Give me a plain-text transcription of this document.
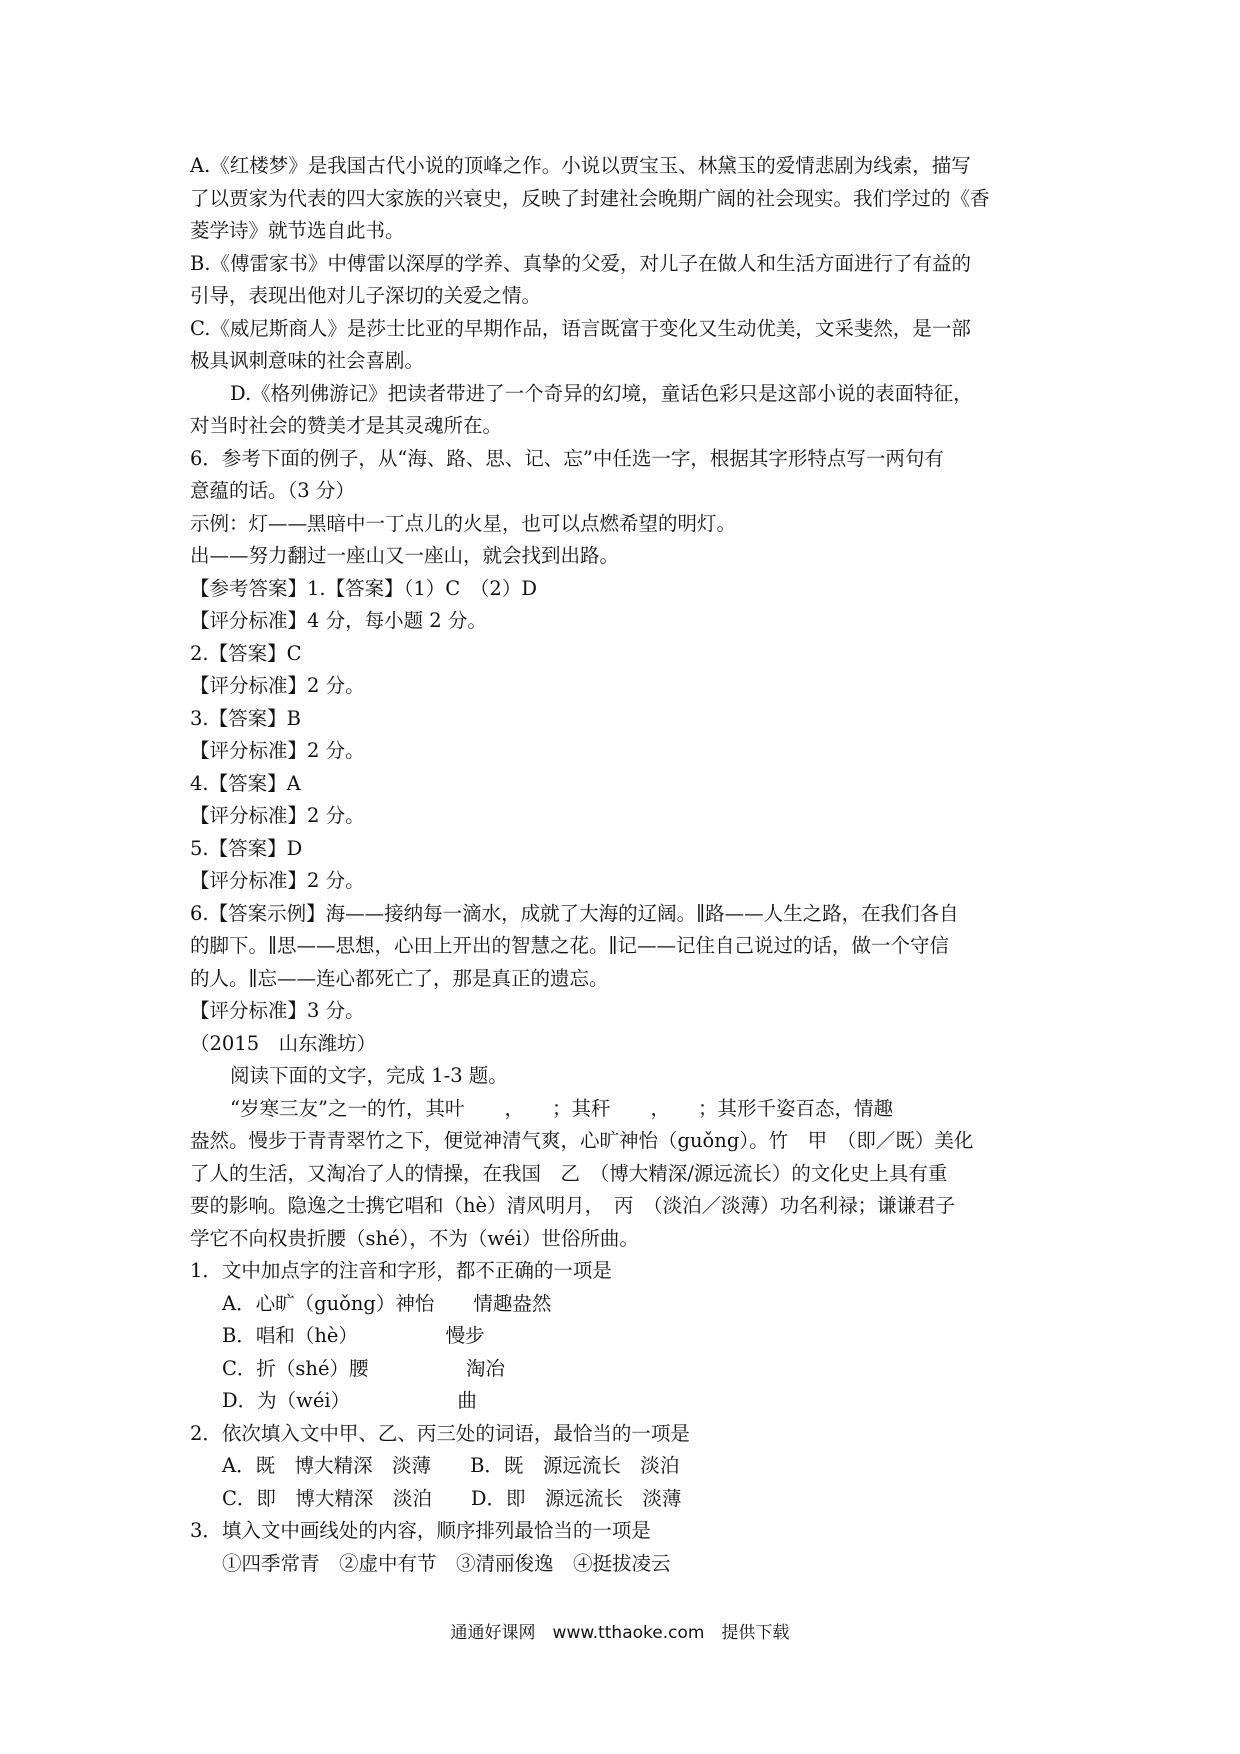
A.《红楼梦》是我国古代小说的顶峰之作。小说以贾宝玉、林黛玉的爱情悲剧为线索，描写
了以贾家为代表的四大家族的兴衰史，反映了封建社会晚期广阔的社会现实。我们学过的《香
菱学诗》就节选自此书。
B.《傅雷家书》中傅雷以深厚的学养、真挚的父爱，对儿子在做人和生活方面进行了有益的
引导，表现出他对儿子深切的关爱之情。
C.《威尼斯商人》是莎士比亚的早期作品，语言既富于变化又生动优美，文采斐然，是一部
极具讽刺意味的社会喜剧。
D.《格列佛游记》把读者带进了一个奇异的幻境，童话色彩只是这部小说的表面特征，
对当时社会的赞美才是其灵魂所在。
6．参考下面的例子，从“海、路、思、记、忘”中任选一字，根据其字形特点写一两句有
意蕴的话。（3 分）
示例：灯——黑暗中一丁点儿的火星，也可以点燃希望的明灯。
出——努力翻过一座山又一座山，就会找到出路。
【参考答案】1.【答案】（1）C　（2）D
【评分标准】4 分，每小题 2 分。
2.【答案】C
【评分标准】2 分。
3.【答案】B
【评分标准】2 分。
4.【答案】A
【评分标准】2 分。
5.【答案】D
【评分标准】2 分。
6.【答案示例】海——接纳每一滴水，成就了大海的辽阔。∥路——人生之路，在我们各自
的脚下。∥思——思想，心田上开出的智慧之花。∥记——记住自己说过的话，做一个守信
的人。∥忘——连心都死亡了，那是真正的遗忘。
【评分标准】3 分。
（2015　山东潍坊）
阅读下面的文字，完成 1-3 题。
“岁寒三友”之一的竹，其叶 ， ；其秆 ， ；其形千姿百态，情趣
盎然。慢步于青青翠竹之下，便觉神清气爽，心旷神怡（guǒng）。竹　甲　（即／既）美化
了人的生活，又淘冶了人的情操，在我国　乙　（博大精深/源远流长）的文化史上具有重
要的影响。隐逸之士携它唱和（hè）清风明月，　丙　（淡泊／淡薄）功名利禄；谦谦君子
学它不向权贵折腰（shé），不为（wéi）世俗所曲。
1．文中加点字的注音和字形，都不正确的一项是
A．心旷（guǒng）神怡　　情趣盎然
B．唱和（hè）　　　　　慢步
C．折（shé）腰　　　　　淘冶
D．为（wéi）　　　　　　曲
2．依次填入文中甲、乙、丙三处的词语，最恰当的一项是
A．既　博大精深　淡薄　　B．既　源远流长　淡泊
C．即　博大精深　淡泊　　D．即　源远流长　淡薄
3．填入文中画线处的内容，顺序排列最恰当的一项是
①四季常青　②虚中有节　③清丽俊逸　④挺拔凌云
通通好课网　www.tthaoke.com　提供下载
